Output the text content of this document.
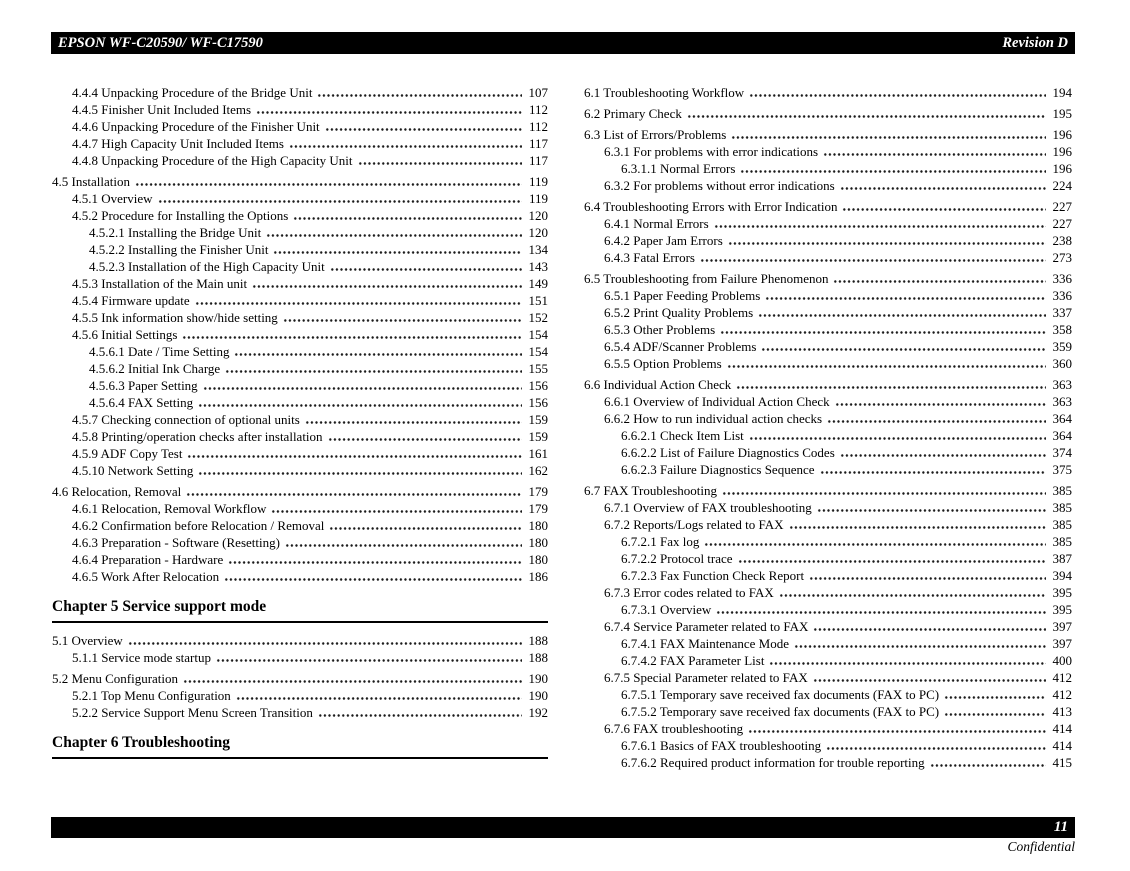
EPSON WF-C20590/ WF-C17590	Revision D
4.4.4 Unpacking Procedure of the Bridge Unit	107
4.4.5 Finisher Unit Included Items	112
4.4.6 Unpacking Procedure of the Finisher Unit	112
4.4.7 High Capacity Unit Included Items	117
4.4.8 Unpacking Procedure of the High Capacity Unit	117
4.5 Installation	119
4.5.1 Overview	119
4.5.2 Procedure for Installing the Options	120
4.5.2.1 Installing the Bridge Unit	120
4.5.2.2 Installing the Finisher Unit	134
4.5.2.3 Installation of the High Capacity Unit	143
4.5.3 Installation of the Main unit	149
4.5.4 Firmware update	151
4.5.5 Ink information show/hide setting	152
4.5.6 Initial Settings	154
4.5.6.1 Date / Time Setting	154
4.5.6.2 Initial Ink Charge	155
4.5.6.3 Paper Setting	156
4.5.6.4 FAX Setting	156
4.5.7 Checking connection of optional units	159
4.5.8 Printing/operation checks after installation	159
4.5.9 ADF Copy Test	161
4.5.10 Network Setting	162
4.6 Relocation, Removal	179
4.6.1 Relocation, Removal Workflow	179
4.6.2 Confirmation before Relocation / Removal	180
4.6.3 Preparation - Software (Resetting)	180
4.6.4 Preparation - Hardware	180
4.6.5 Work After Relocation	186
Chapter 5 Service support mode
5.1 Overview	188
5.1.1 Service mode startup	188
5.2 Menu Configuration	190
5.2.1 Top Menu Configuration	190
5.2.2 Service Support Menu Screen Transition	192
Chapter 6 Troubleshooting
6.1 Troubleshooting Workflow	194
6.2 Primary Check	195
6.3 List of Errors/Problems	196
6.3.1 For problems with error indications	196
6.3.1.1 Normal Errors	196
6.3.2 For problems without error indications	224
6.4 Troubleshooting Errors with Error Indication	227
6.4.1 Normal Errors	227
6.4.2 Paper Jam Errors	238
6.4.3 Fatal Errors	273
6.5 Troubleshooting from Failure Phenomenon	336
6.5.1 Paper Feeding Problems	336
6.5.2 Print Quality Problems	337
6.5.3 Other Problems	358
6.5.4 ADF/Scanner Problems	359
6.5.5 Option Problems	360
6.6 Individual Action Check	363
6.6.1 Overview of Individual Action Check	363
6.6.2 How to run individual action checks	364
6.6.2.1 Check Item List	364
6.6.2.2 List of Failure Diagnostics Codes	374
6.6.2.3 Failure Diagnostics Sequence	375
6.7 FAX Troubleshooting	385
6.7.1 Overview of FAX troubleshooting	385
6.7.2 Reports/Logs related to FAX	385
6.7.2.1 Fax log	385
6.7.2.2 Protocol trace	387
6.7.2.3 Fax Function Check Report	394
6.7.3 Error codes related to FAX	395
6.7.3.1 Overview	395
6.7.4 Service Parameter related to FAX	397
6.7.4.1 FAX Maintenance Mode	397
6.7.4.2 FAX Parameter List	400
6.7.5 Special Parameter related to FAX	412
6.7.5.1 Temporary save received fax documents (FAX to PC)	412
6.7.5.2 Temporary save received fax documents (FAX to PC)	413
6.7.6 FAX troubleshooting	414
6.7.6.1 Basics of FAX troubleshooting	414
6.7.6.2 Required product information for trouble reporting	415
11
Confidential
